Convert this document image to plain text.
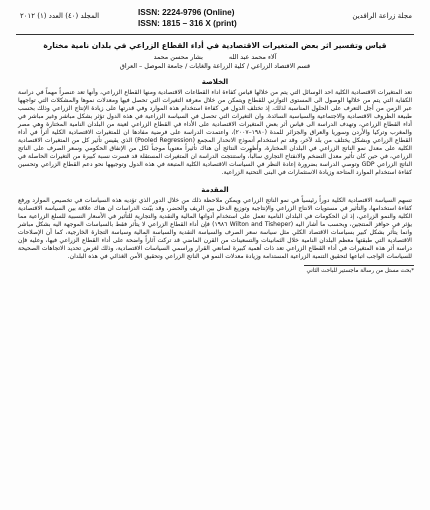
مجلة زراعة الرافدين
ISSN: 2224-9796 (Online)
ISSN: 1815 – 316 X (print)
المجلد (٤٠) العدد (١) ٢٠١٢
قياس وتفسير اثر بعض المتغيرات الاقتصادية في أداء القطاع الزراعي في بلدان نامية مختارة
آلاء محمد عبد الله
بشار محسن محمد
قسم الاقتصاد الزراعي / كلية الزراعة والغابات / جامعة الموصل – العراق
الخلاصة

تعد المتغيرات الاقتصادية الكلية احد الوسائل التي يتم من خلالها قياس كفاءة اداء القطاعات الاقتصادية ومنها القطاع الزراعي، وأنها تعد عنصراً مهماً في دراسة الكفاية التي يتم من خلالها الوصول الى المستوى التوازني للقطاع ويتمكن من خلال معرفة التغيرات التي تحصل فيها ومعدلات نموها والمشكلات التي تواجهها عبر الزمن من أجل التعرف على الحلول المناسبة لذلك، إذ تختلف الدول في كفاءة استخدام هذه الموارد وفي قدرتها على زيادة الإنتاج الزراعي وذلك بحسب طبيعة الظروف الاقتصادية والاجتماعية والسياسية السائدة. وان التغيرات التي تحصل في السياسة الزراعية في هذه الدول تؤثر بشكل مباشر وغير مباشر في أداء القطاع الزراعي، وتهدف الدراسة الى قياس أثر بعض المتغيرات الاقتصادية على الأداء في القطاع الزراعي لعينة من البلدان النامية المختارة وهي مصر والمغرب وتركيا والأردن وسوريا والعراق والجزائر للمدة (١٩٨٠–٢٠٠٧)، واعتمدت الدراسة على فرضية مفادها ان للمتغيرات الاقتصادية الكلية أثراً في أداء القطاع الزراعي وبشكل يختلف من بلد لآخر، وقد تم استخدام أنموذج الانحدار المجمع (Pooled Regression) الذي يقيس تأثير كل من المتغيرات الاقتصادية الكلية على معدل نمو الناتج الزراعي في البلدان المختارة، وأظهرت النتائج أن هناك تأثيراً معنوياً موجباً لكل من الإنفاق الحكومي وسعر الصرف على الناتج الزراعي، في حين كان تأثير معدل التضخم والانفتاح التجاري سالباً، واستنتجت الدراسة ان المتغيرات المستقلة قد فسرت نسبة كبيرة من التغيرات الحاصلة في الناتج الزراعي GDP وتوصي الدراسة بضرورة إعادة النظر في السياسات الاقتصادية الكلية المتبعة في هذه الدول وتوجيهها نحو دعم القطاع الزراعي وتحسين كفاءة استخدام الموارد المتاحة وزيادة الاستثمارات في البنى التحتية الزراعية.

المقدمة

تسهم السياسة الاقتصادية الكلية دوراً رئيسياً في نمو الناتج الزراعي ويمكن ملاحظة ذلك من خلال الدور الذي تؤديه هذه السياسات في تخصيص الموارد ورفع كفاءة استخدامها، والتأثير في مستويات الانتاج الزراعي والإنتاجية وتوزيع الدخل بين الريف والحضر، وقد بيّنت الدراسات ان هناك علاقة بين السياسة الاقتصادية الكلية والنمو الزراعي، إذ ان الحكومات في البلدان النامية تعمل على استخدام أدواتها المالية والنقدية والتجارية للتأثير في الأسعار النسبية للسلع الزراعية مما يؤثر في حوافز المنتجين، وبحسب ما أشار اليه (Wilton and Tisheper ١٩٨٦) فإن أداء القطاع الزراعي لا يتأثر فقط بالسياسات الموجهة اليه بشكل مباشر وانما يتأثر بشكل كبير بسياسات الاقتصاد الكلي مثل سياسة سعر الصرف والسياسة النقدية والسياسة المالية وسياسة التجارة الخارجية، كما أن الإصلاحات الاقتصادية التي طبقتها معظم البلدان النامية خلال الثمانينات والتسعينات من القرن الماضي قد تركت آثاراً واضحة على أداء القطاع الزراعي فيها، وعليه فإن دراسة أثر هذه المتغيرات في أداء القطاع الزراعي تعد ذات أهمية كبيرة لصانعي القرار وراسمي السياسات الاقتصادية، وذلك لغرض تحديد الاتجاهات الصحيحة للسياسات الواجب اتباعها لتحقيق التنمية الزراعية المستدامة وزيادة معدلات النمو في الناتج الزراعي وتحقيق الأمن الغذائي في هذه البلدان.

*بحث مستل من رسالة ماجستير للباحث الثاني
